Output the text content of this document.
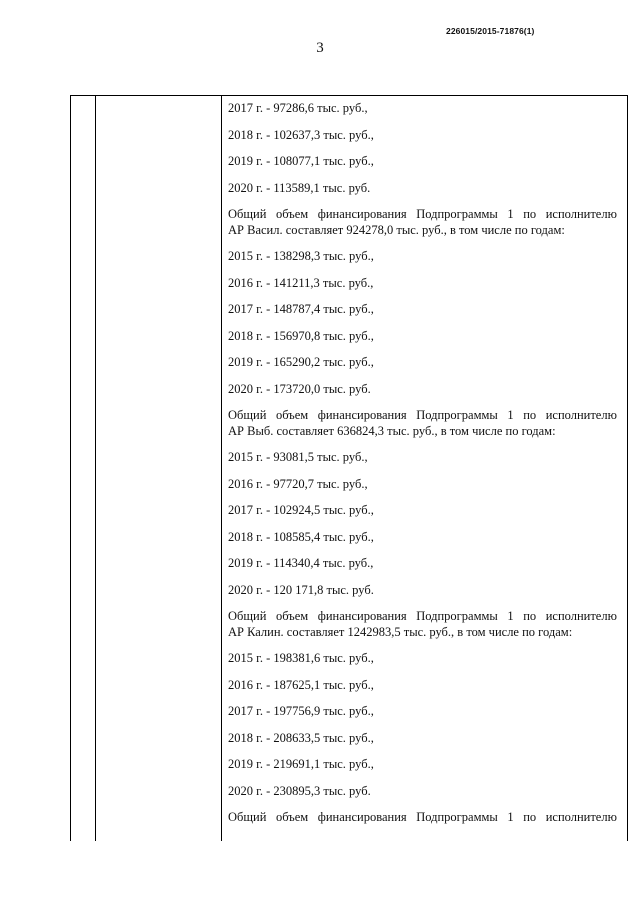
226015/2015-71876(1)
3
2017 г. - 97286,6 тыс. руб.,
2018 г. - 102637,3 тыс. руб.,
2019 г. - 108077,1 тыс. руб.,
2020 г. - 113589,1 тыс. руб.
Общий объем финансирования Подпрограммы 1 по исполнителю
АР Васил. составляет 924278,0 тыс. руб., в том числе по годам:
2015 г. - 138298,3 тыс. руб.,
2016 г. - 141211,3 тыс. руб.,
2017 г. - 148787,4 тыс. руб.,
2018 г. - 156970,8 тыс. руб.,
2019 г. - 165290,2 тыс. руб.,
2020 г. - 173720,0 тыс. руб.
Общий объем финансирования Подпрограммы 1 по исполнителю
АР Выб. составляет 636824,3 тыс. руб., в том числе по годам:
2015 г. - 93081,5 тыс. руб.,
2016 г. - 97720,7 тыс. руб.,
2017 г. - 102924,5 тыс. руб.,
2018 г. - 108585,4 тыс. руб.,
2019 г. - 114340,4 тыс. руб.,
2020 г. - 120 171,8 тыс. руб.
Общий объем финансирования Подпрограммы 1 по исполнителю
АР Калин. составляет 1242983,5 тыс. руб., в том числе по годам:
2015 г. - 198381,6 тыс. руб.,
2016 г. - 187625,1 тыс. руб.,
2017 г. - 197756,9 тыс. руб.,
2018 г. - 208633,5 тыс. руб.,
2019 г. - 219691,1 тыс. руб.,
2020 г. - 230895,3 тыс. руб.
Общий объем финансирования Подпрограммы 1 по исполнителю
